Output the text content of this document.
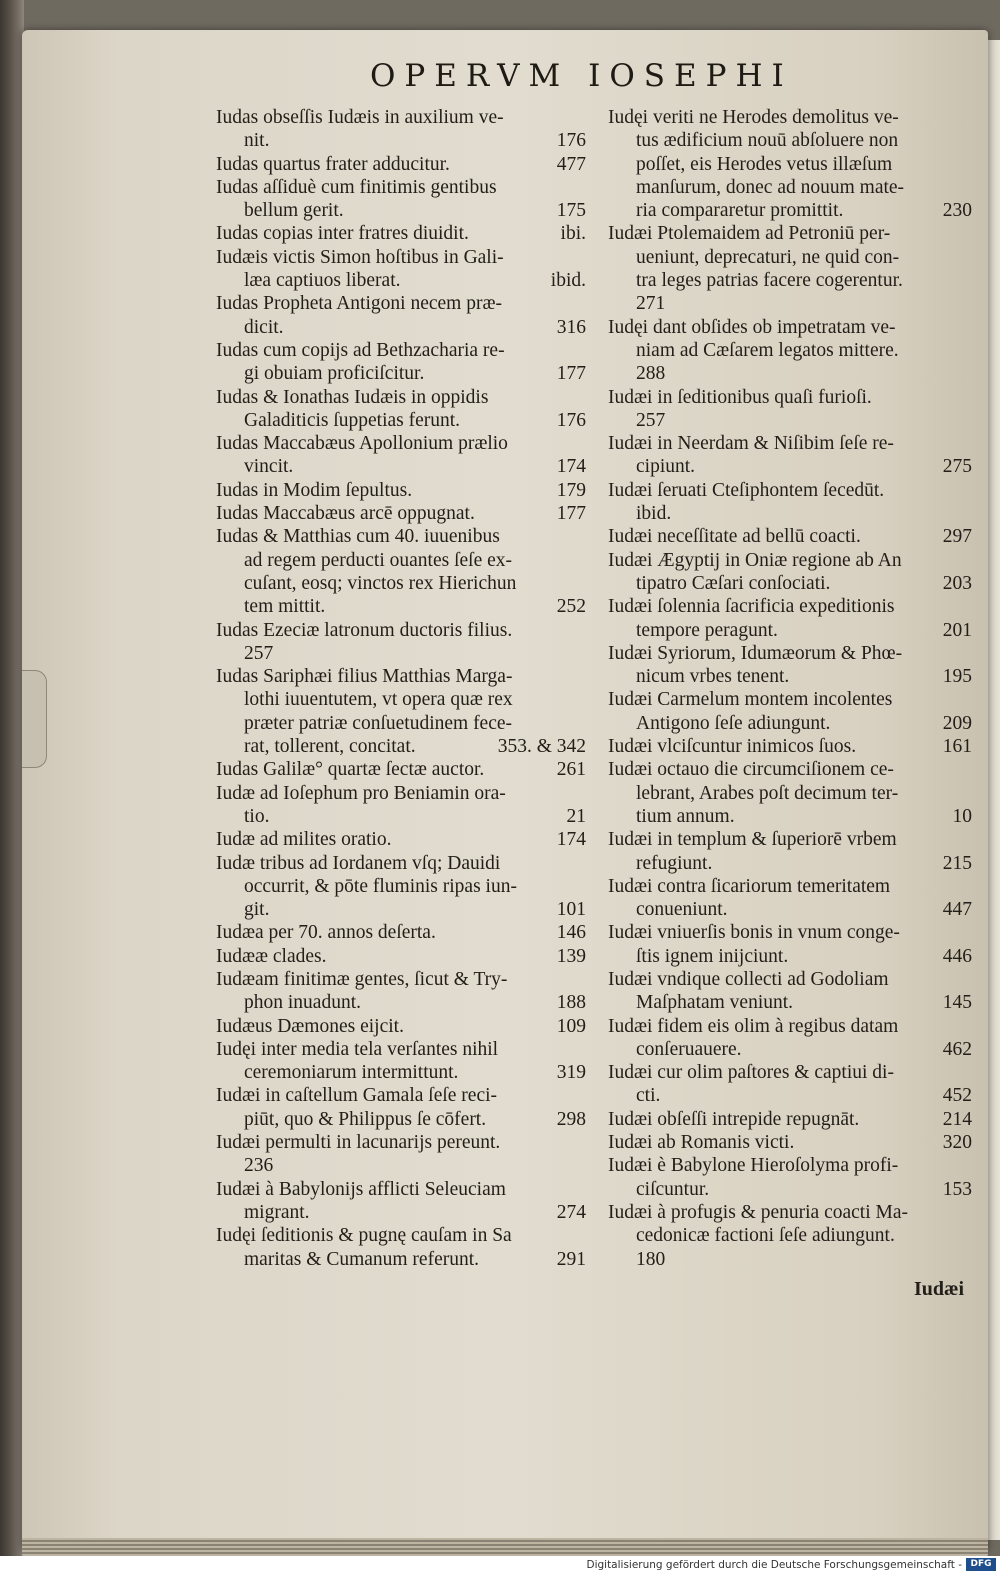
OPERVM IOSEPHI
Iudas obseſſis Iudæis in auxilium ve-
nit.	176
Iudas quartus frater adducitur.	477
Iudas aſſiduè cum finitimis gentibus
bellum gerit.	175
Iudas copias inter fratres diuidit.	ibi.
Iudæis victis Simon hoſtibus in Gali-
læa captiuos liberat.	ibid.
Iudas Propheta Antigoni necem præ-
dicit.	316
Iudas cum copijs ad Bethzacharia re-
gi obuiam proficiſcitur.	177
Iudas & Ionathas Iudæis in oppidis
Galaditicis ſuppetias ferunt.	176
Iudas Maccabæus Apollonium prælio
vincit.	174
Iudas in Modim ſepultus.	179
Iudas Maccabæus arcē oppugnat.	177
Iudas & Matthias cum 40. iuuenibus
ad regem perducti ouantes ſeſe ex-
cuſant, eosq; vinctos rex Hierichun
tem mittit.	252
Iudas Ezeciæ latronum ductoris filius.
257
Iudas Sariphæi filius Matthias Marga-
lothi iuuentutem, vt opera quæ rex
præter patriæ conſuetudinem fece-
rat, tollerent, concitat.	353. & 342
Iudas Galilæ° quartæ ſectæ auctor.	261
Iudæ ad Ioſephum pro Beniamin ora-
tio.	21
Iudæ ad milites oratio.	174
Iudæ tribus ad Iordanem vſq; Dauidi
occurrit, & pōte fluminis ripas iun-
git.	101
Iudæa per 70. annos deſerta.	146
Iudææ clades.	139
Iudæam finitimæ gentes, ſicut & Try-
phon inuadunt.	188
Iudæus Dæmones eijcit.	109
Iudęi inter media tela verſantes nihil
ceremoniarum intermittunt.	319
Iudæi in caſtellum Gamala ſeſe reci-
piūt, quo & Philippus ſe cōfert.	298
Iudæi permulti in lacunarijs pereunt.
236
Iudæi à Babylonijs afflicti Seleuciam
migrant.	274
Iudęi ſeditionis & pugnę cauſam in Sa
maritas & Cumanum referunt.	291
Iudęi veriti ne Herodes demolitus ve-
tus ædificium nouū abſoluere non
poſſet, eis Herodes vetus illæſum
manſurum, donec ad nouum mate-
ria compararetur promittit.	230
Iudæi Ptolemaidem ad Petroniū per-
ueniunt, deprecaturi, ne quid con-
tra leges patrias facere cogerentur.
271
Iudęi dant obſides ob impetratam ve-
niam ad Cæſarem legatos mittere.
288
Iudæi in ſeditionibus quaſi furioſi.
257
Iudæi in Neerdam & Niſibim ſeſe re-
cipiunt.	275
Iudæi ſeruati Cteſiphontem ſecedūt.
ibid.
Iudæi neceſſitate ad bellū coacti.	297
Iudæi Ægyptij in Oniæ regione ab An
tipatro Cæſari conſociati.	203
Iudæi ſolennia ſacrificia expeditionis
tempore peragunt.	201
Iudæi Syriorum, Idumæorum & Phœ-
nicum vrbes tenent.	195
Iudæi Carmelum montem incolentes
Antigono ſeſe adiungunt.	209
Iudæi vlciſcuntur inimicos ſuos.	161
Iudæi octauo die circumciſionem ce-
lebrant, Arabes poſt decimum ter-
tium annum.	10
Iudæi in templum & ſuperiorē vrbem
refugiunt.	215
Iudæi contra ſicariorum temeritatem
conueniunt.	447
Iudæi vniuerſis bonis in vnum conge-
ſtis ignem inijciunt.	446
Iudæi vndique collecti ad Godoliam
Maſphatam veniunt.	145
Iudæi fidem eis olim à regibus datam
conſeruauere.	462
Iudæi cur olim paſtores & captiui di-
cti.	452
Iudæi obſeſſi intrepide repugnāt.	214
Iudæi ab Romanis victi.	320
Iudæi è Babylone Hieroſolyma profi-
ciſcuntur.	153
Iudæi à profugis & penuria coacti Ma-
cedonicæ factioni ſeſe adiungunt.
180
Iudæi
Digitalisierung gefördert durch die Deutsche Forschungsgemeinschaft - DFG
